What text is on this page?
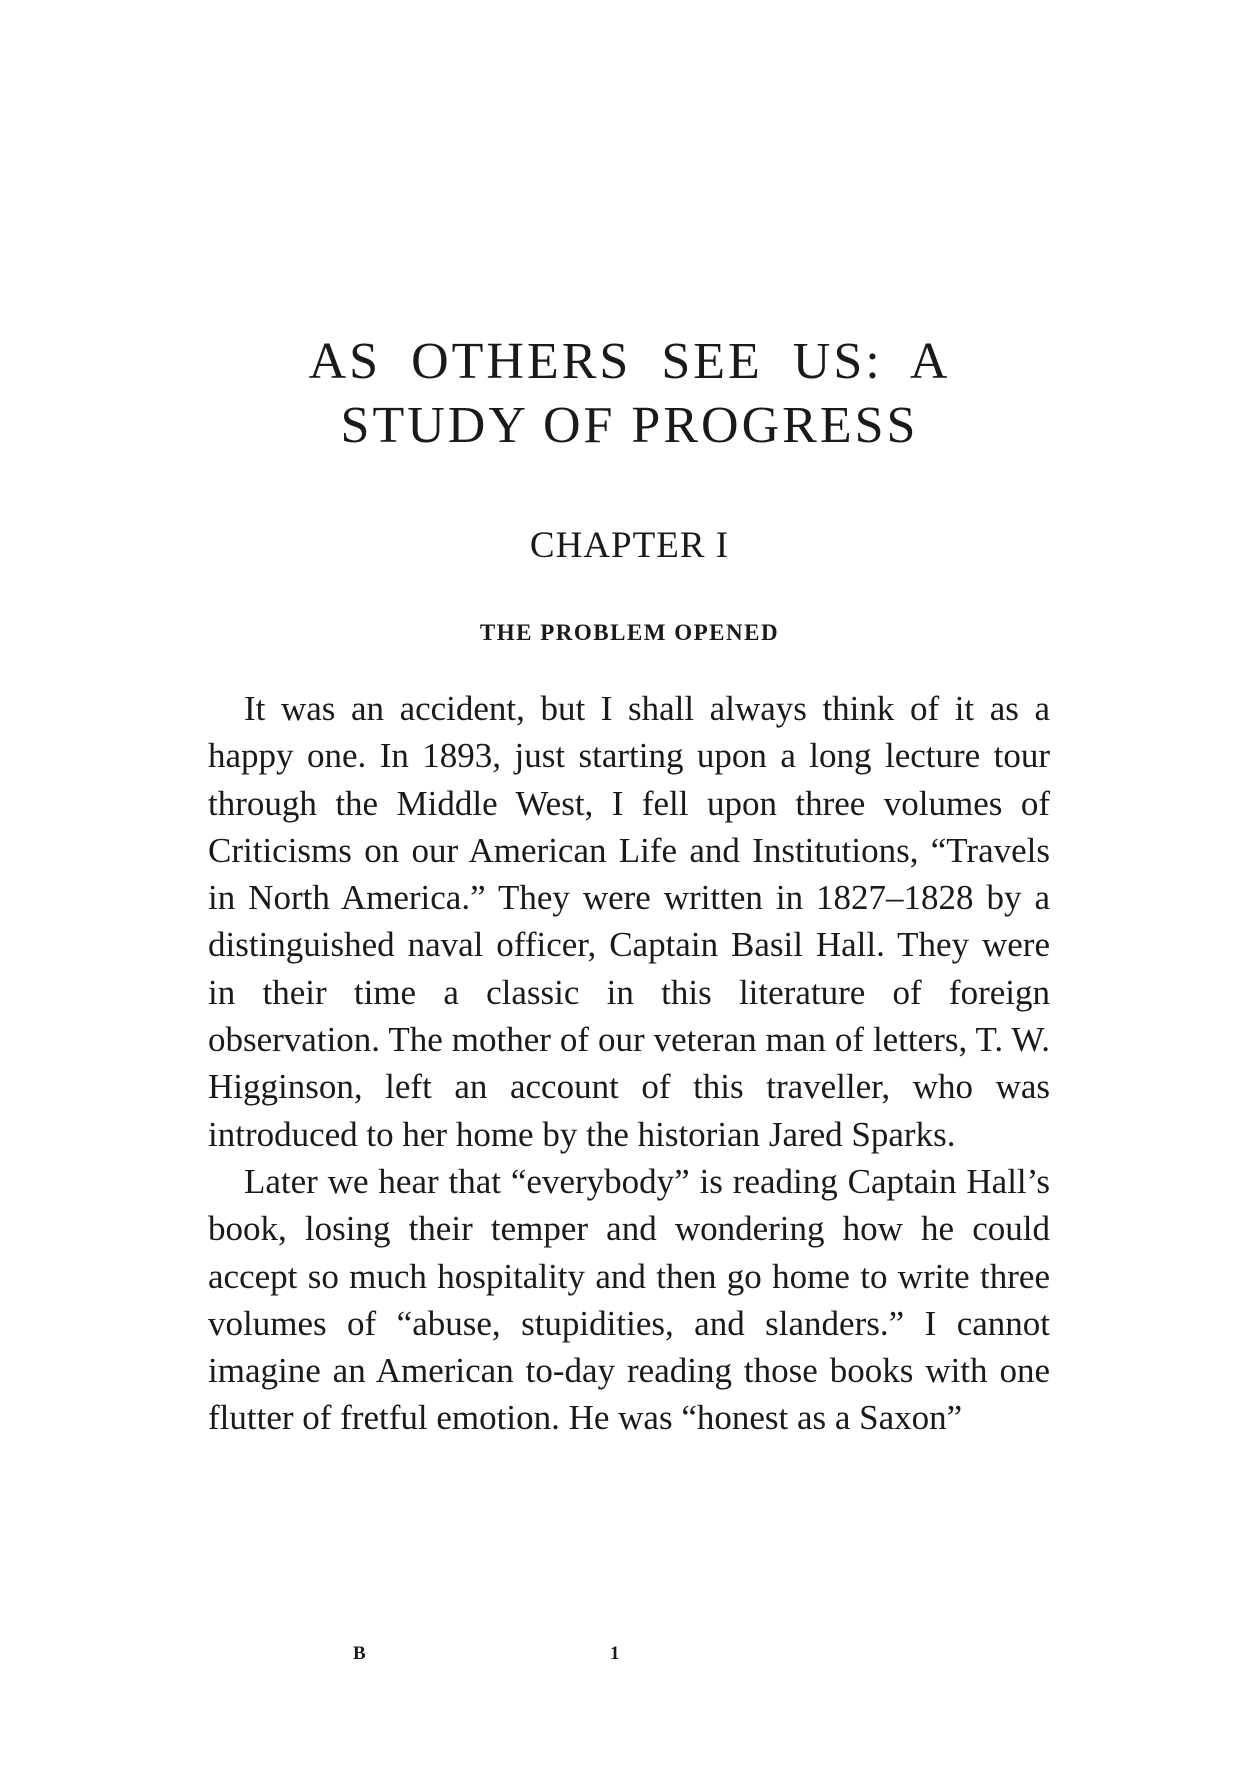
AS OTHERS SEE US: A
STUDY OF PROGRESS
CHAPTER I
THE PROBLEM OPENED

It was an accident, but I shall always think of it as a happy one. In 1893, just starting upon a long lecture tour through the Middle West, I fell upon three volumes of Criticisms on our American Life and Institutions, “Travels in North America.” They were written in 1827–1828 by a distinguished naval officer, Captain Basil Hall. They were in their time a classic in this literature of foreign observation. The mother of our veteran man of letters, T. W. Higginson, left an account of this traveller, who was introduced to her home by the historian Jared Sparks.

Later we hear that “everybody” is reading Captain Hall’s book, losing their temper and wondering how he could accept so much hospitality and then go home to write three volumes of “abuse, stupidities, and slanders.” I cannot imagine an American to-day reading those books with one flutter of fretful emotion. He was “honest as a Saxon”

B	1
